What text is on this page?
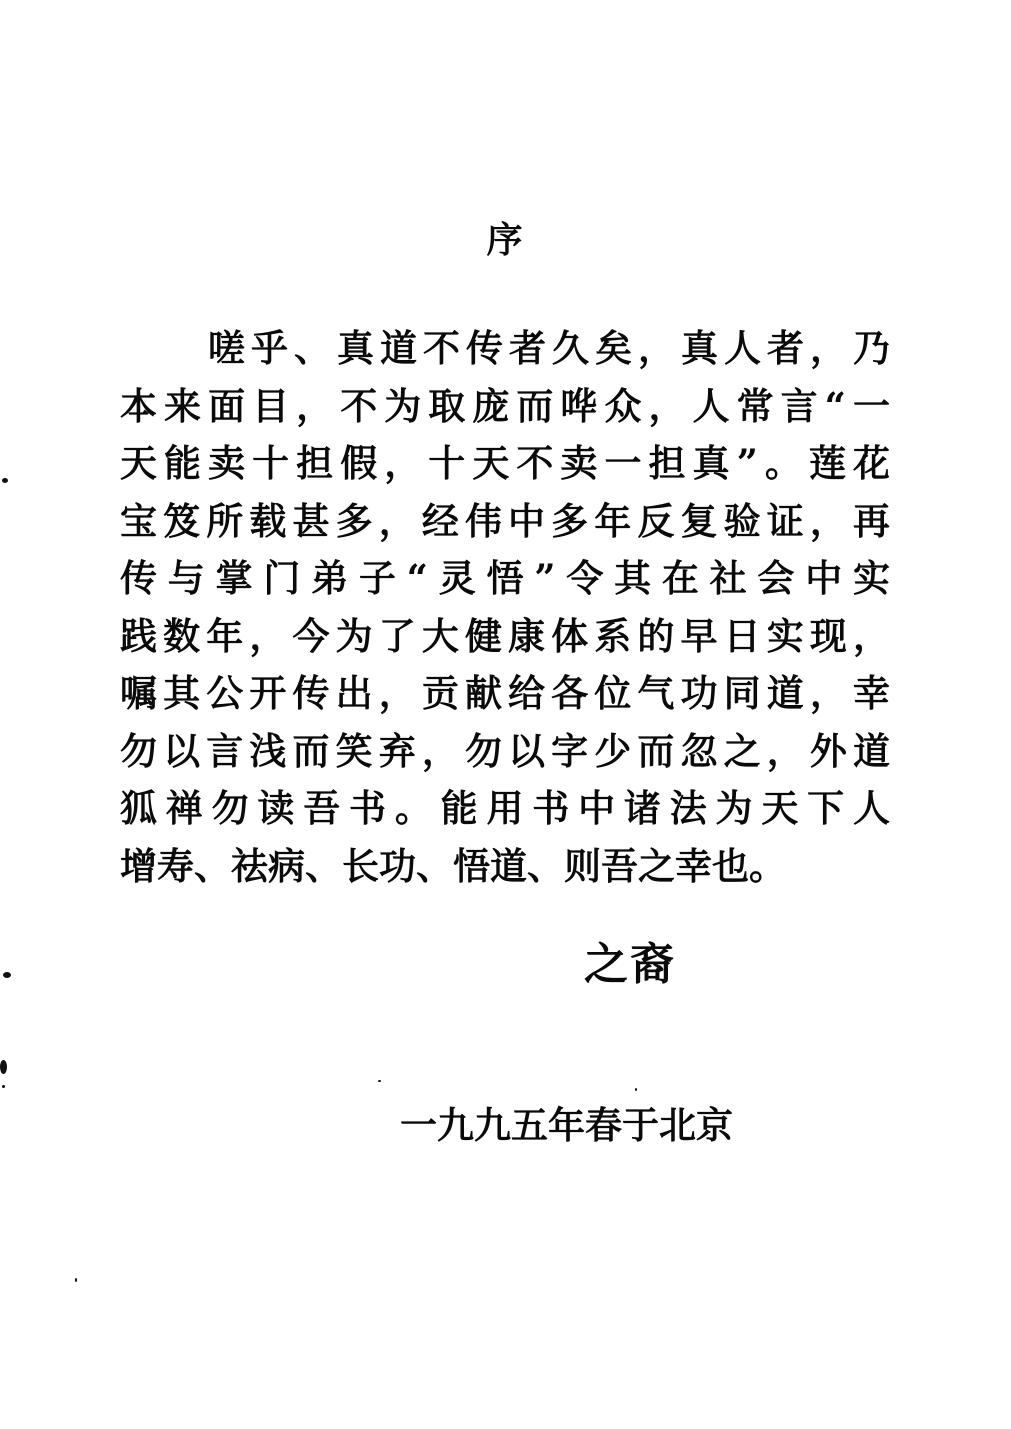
序
嗟乎、真道不传者久矣，真人者，乃
本来面目，不为取庞而哗众，人常言“一
天能卖十担假，十天不卖一担真”。莲花
宝笈所载甚多，经伟中多年反复验证，再
传与掌门弟子“灵悟”令其在社会中实
践数年，今为了大健康体系的早日实现，
嘱其公开传出，贡献给各位气功同道，幸
勿以言浅而笑弃，勿以字少而忽之，外道
狐禅勿读吾书。能用书中诸法为天下人
增寿、祛病、长功、悟道、则吾之幸也。
之裔
一九九五年春于北京
